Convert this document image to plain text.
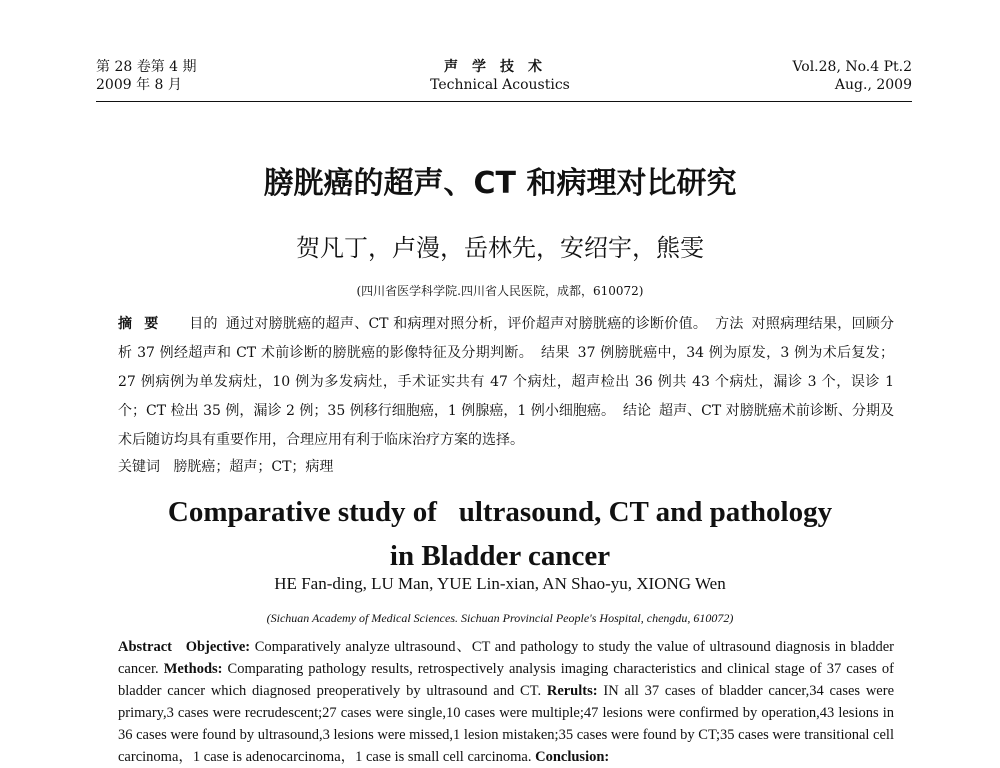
第 28 卷第 4 期
2009 年 8 月
声学技术
Technical Acoustics
Vol.28, No.4 Pt.2
Aug., 2009
膀胱癌的超声、CT 和病理对比研究
贺凡丁，卢漫，岳林先，安绍宇，熊雯
(四川省医学科学院.四川省人民医院，成都，610072)
摘要 目的 通过对膀胱癌的超声、CT 和病理对照分析，评价超声对膀胱癌的诊断价值。 方法 对照病理结果，回顾分析 37 例经超声和 CT 术前诊断的膀胱癌的影像特征及分期判断。 结果 37 例膀胱癌中，34 例为原发，3 例为术后复发；27 例病例为单发病灶，10 例为多发病灶，手术证实共有 47 个病灶，超声检出 36 例共 43 个病灶，漏诊 3 个，误诊 1 个；CT 检出 35 例，漏诊 2 例；35 例移行细胞癌，1 例腺癌，1 例小细胞癌。 结论 超声、CT 对膀胱癌术前诊断、分期及术后随访均具有重要作用，合理应用有利于临床治疗方案的选择。
关键词 膀胱癌；超声；CT；病理
Comparative study of   ultrasound, CT and pathology
in Bladder cancer
HE Fan-ding, LU Man, YUE Lin-xian, AN Shao-yu, XIONG Wen
(Sichuan Academy of Medical Sciences. Sichuan Provincial People's Hospital, chengdu, 610072)
Abstract Objective: Comparatively analyze ultrasound、CT and pathology to study the value of ultrasound diagnosis in bladder cancer. Methods: Comparating pathology results, retrospectively analysis imaging characteristics and clinical stage of 37 cases of bladder cancer which diagnosed preoperatively by ultrasound and CT. Rerults: IN all 37 cases of bladder cancer,34 cases were primary,3 cases were recrudescent;27 cases were single,10 cases were multiple;47 lesions were confirmed by operation,43 lesions in 36 cases were found by ultrasound,3 lesions were missed,1 lesion mistaken;35 cases were found by CT;35 cases were transitional cell carcinoma，1 case is adenocarcinoma，1 case is small cell carcinoma. Conclusion:
